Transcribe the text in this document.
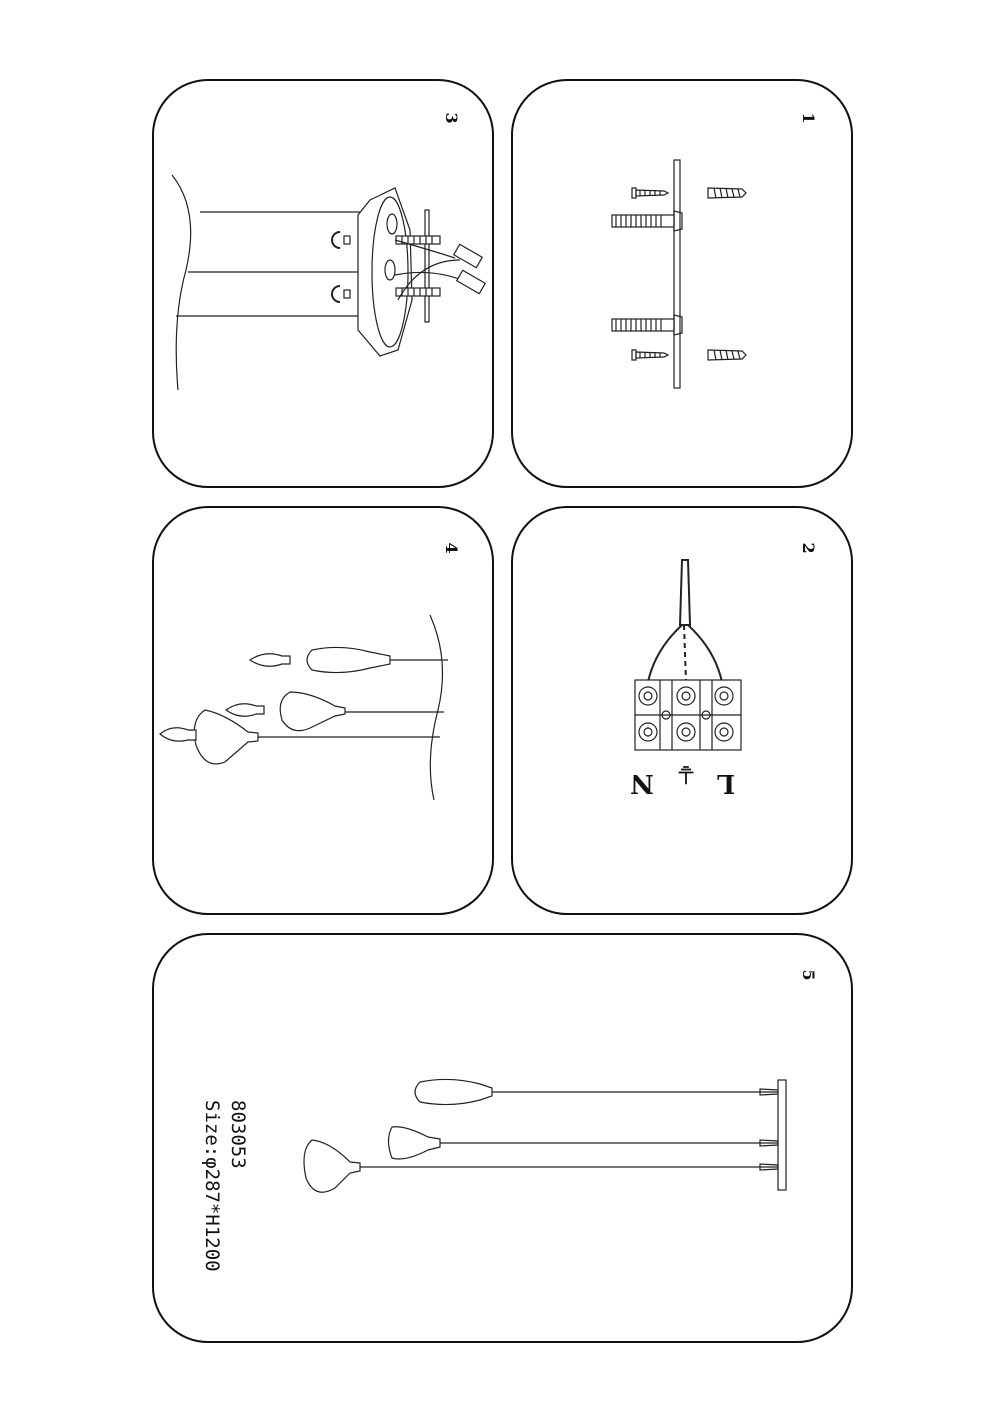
1
2
N ⏚ L
3
4
5
803053
Size:φ287*H1200
